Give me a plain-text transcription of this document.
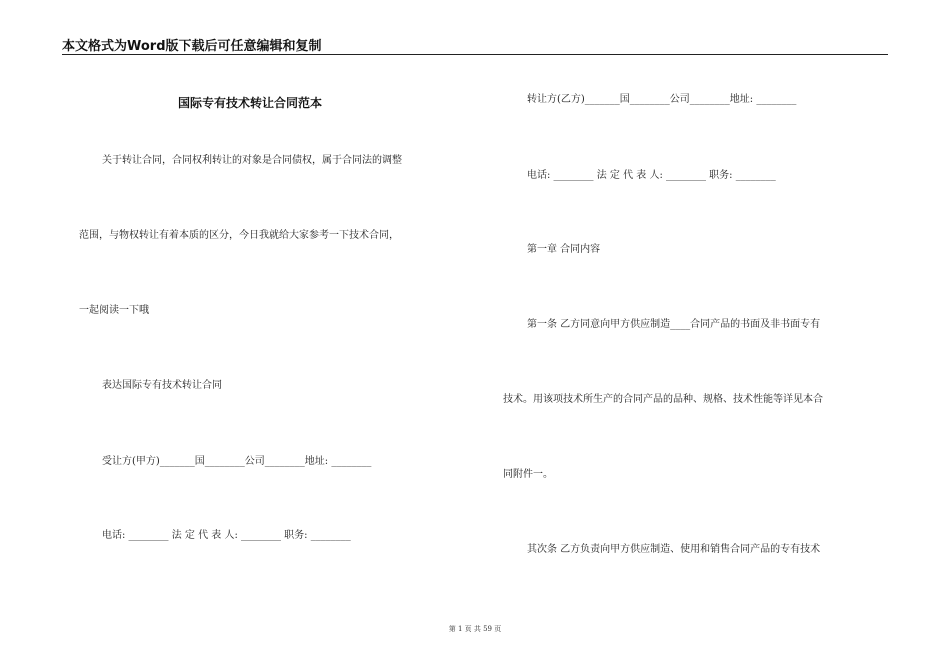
本文格式为Word版下载后可任意编辑和复制
国际专有技术转让合同范本
关于转让合同，合同权利转让的对象是合同债权，属于合同法的调整
范围，与物权转让有着本质的区分，今日我就给大家参考一下技术合同，
一起阅读一下哦
表达国际专有技术转让合同
受让方(甲方)_______国________公司________地址: ________
电话: ________ 法 定 代 表 人: ________ 职务: ________
转让方(乙方)_______国________公司________地址: ________
电话: ________ 法 定 代 表 人: ________ 职务: ________
第一章 合同内容
第一条 乙方同意向甲方供应制造____合同产品的书面及非书面专有
技术。用该项技术所生产的合同产品的品种、规格、技术性能等详见本合
同附件一。
其次条 乙方负责向甲方供应制造、使用和销售合同产品的专有技术
第 1 页 共 59 页
